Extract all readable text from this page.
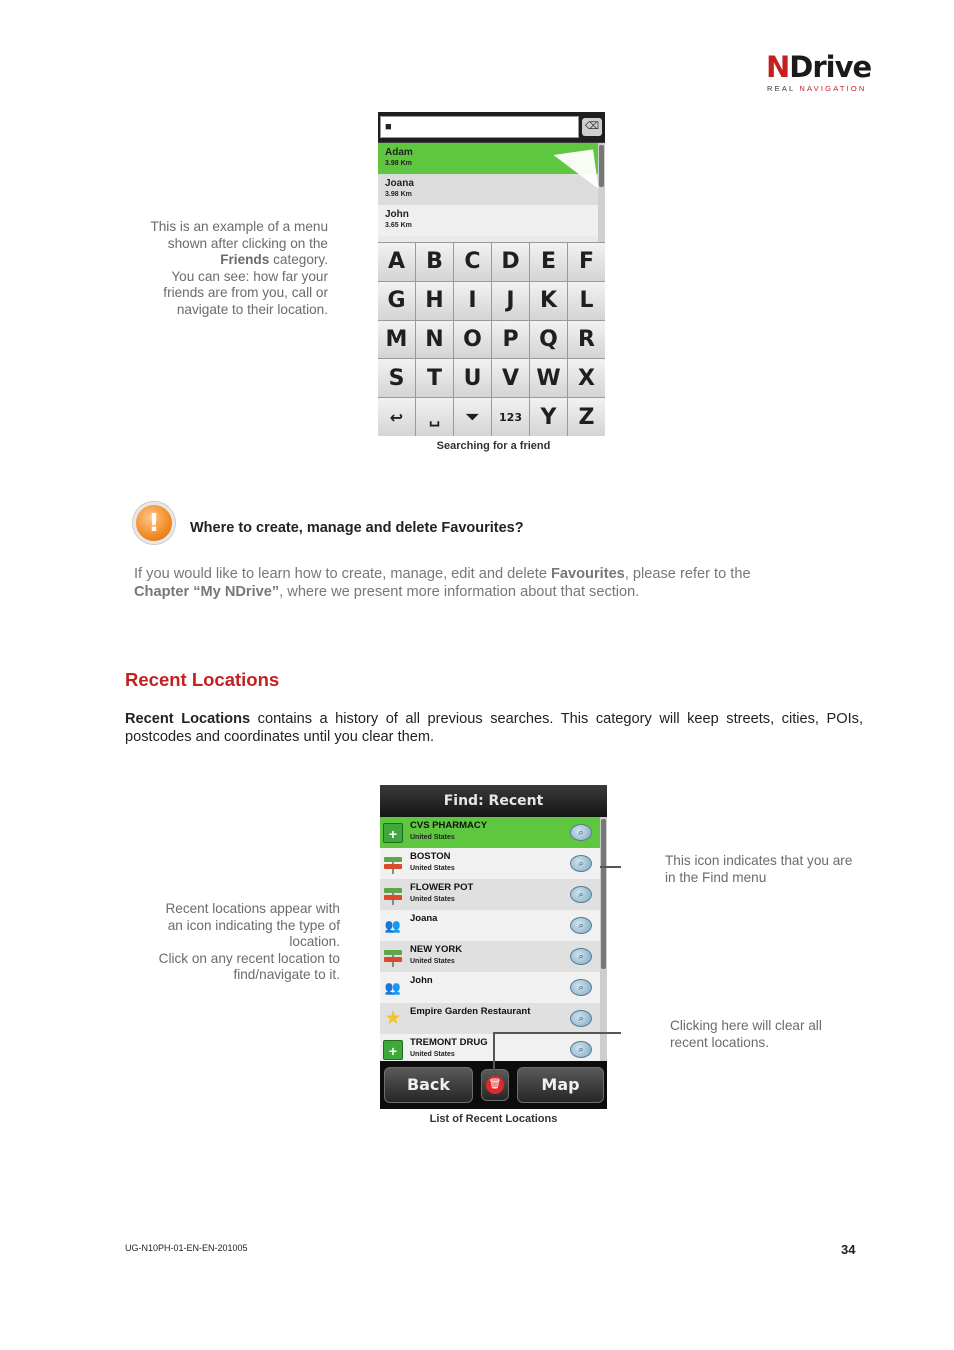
NDrive
REAL NAVIGATION
This is an example of a menu
shown after clicking on the
Friends category.
You can see: how far your
friends are from you, call or
navigate to their location.
■	⌫
Adam
3.98 Km
Joana
3.98 Km
John
3.65 Km
A B C D E	F
G H	I	J	K	L
M N O P Q R
S	T U V W X
↩	␣	⏷	123 Y	Z
Searching for a friend
!	Where to create, manage and delete Favourites?
If you would like to learn how to create, manage, edit and delete Favourites, please refer to the
Chapter “My NDrive”, where we present more information about that section.
Recent Locations
Recent Locations contains a history of all previous searches. This category will keep streets, cities, POIs, postcodes and coordinates until you clear them.
Recent locations appear with
an icon indicating the type of
location.
Click on any recent location to
find/navigate to it.
Find: Recent
+
CVS PHARMACY
United States
⌕
BOSTON
United States
⌕
FLOWER POT
United States
⌕
👥 Joana
⌕
NEW YORK
United States
⌕
👥 John
⌕
★ Empire Garden Restaurant
⌕
+
TREMONT DRUG
United States
⌕
Back	🗑	Map
This icon indicates that you are
in the Find menu
Clicking here will clear all
recent locations.
List of Recent Locations
UG-N10PH-01-EN-EN-201005	34
